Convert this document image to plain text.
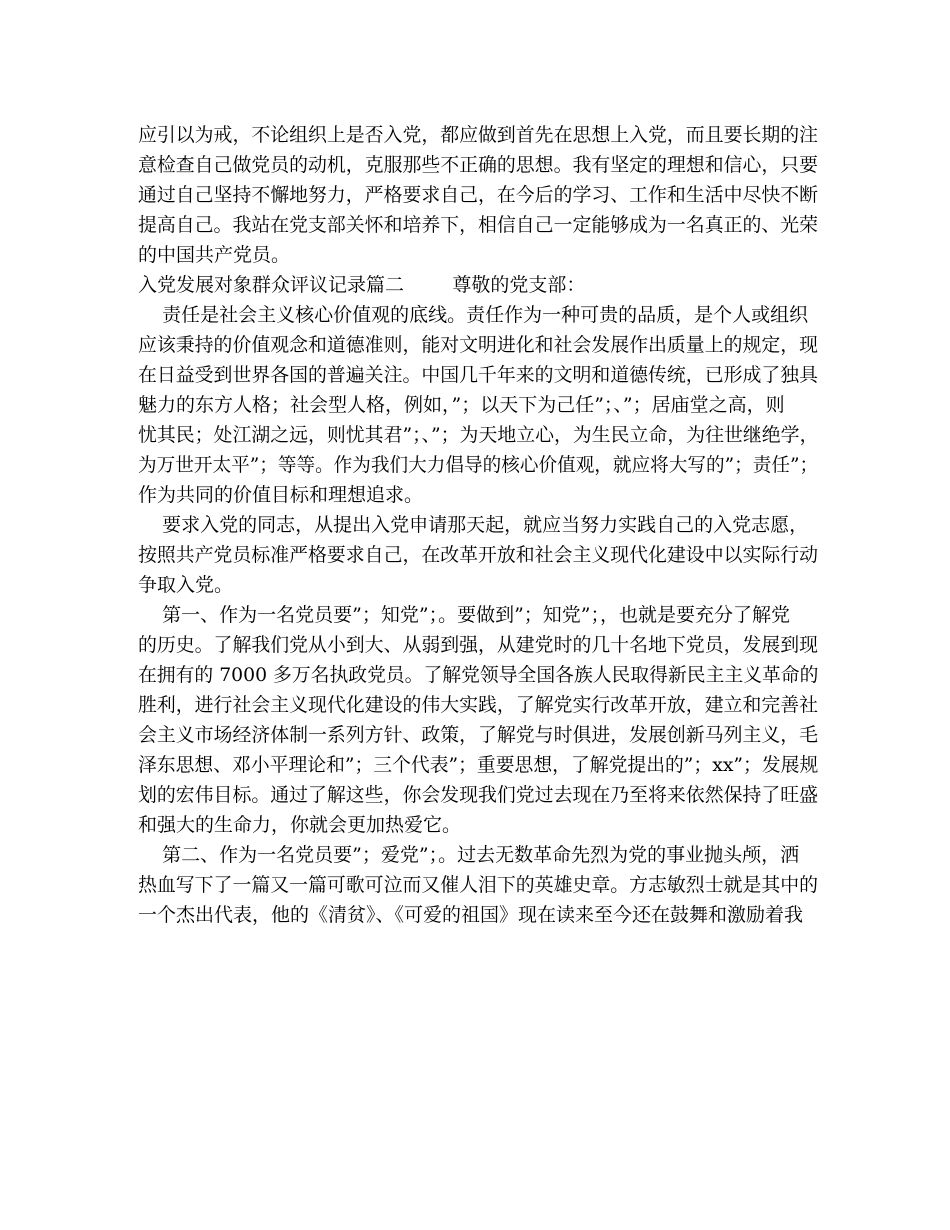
应引以为戒，不论组织上是否入党，都应做到首先在思想上入党，而且要长期的注
意检查自己做党员的动机，克服那些不正确的思想。我有坚定的理想和信心，只要
通过自己坚持不懈地努力，严格要求自己，在今后的学习、工作和生活中尽快不断
提高自己。我站在党支部关怀和培养下，相信自己一定能够成为一名真正的、光荣
的中国共产党员。
入党发展对象群众评议记录篇二        尊敬的党支部：
责任是社会主义核心价值观的底线。责任作为一种可贵的品质，是个人或组织
应该秉持的价值观念和道德准则，能对文明进化和社会发展作出质量上的规定，现
在日益受到世界各国的普遍关注。中国几千年来的文明和道德传统，已形成了独具
魅力的东方人格；社会型人格，例如，”；以天下为己任”；、”；居庙堂之高，则
忧其民；处江湖之远，则忧其君”；、”；为天地立心，为生民立命，为往世继绝学，
为万世开太平”；等等。作为我们大力倡导的核心价值观，就应将大写的”；责任”；
作为共同的价值目标和理想追求。
要求入党的同志，从提出入党申请那天起，就应当努力实践自己的入党志愿，
按照共产党员标准严格要求自己，在改革开放和社会主义现代化建设中以实际行动
争取入党。
第一、作为一名党员要”；知党”；。要做到”；知党”；，也就是要充分了解党
的历史。了解我们党从小到大、从弱到强，从建党时的几十名地下党员，发展到现
在拥有的 7000 多万名执政党员。了解党领导全国各族人民取得新民主主义革命的
胜利，进行社会主义现代化建设的伟大实践，了解党实行改革开放，建立和完善社
会主义市场经济体制一系列方针、政策，了解党与时俱进，发展创新马列主义，毛
泽东思想、邓小平理论和”；三个代表”；重要思想，了解党提出的”；xx”；发展规
划的宏伟目标。通过了解这些，你会发现我们党过去现在乃至将来依然保持了旺盛
和强大的生命力，你就会更加热爱它。
第二、作为一名党员要”；爱党”；。过去无数革命先烈为党的事业抛头颅，洒
热血写下了一篇又一篇可歌可泣而又催人泪下的英雄史章。方志敏烈士就是其中的
一个杰出代表，他的《清贫》、《可爱的祖国》现在读来至今还在鼓舞和激励着我
